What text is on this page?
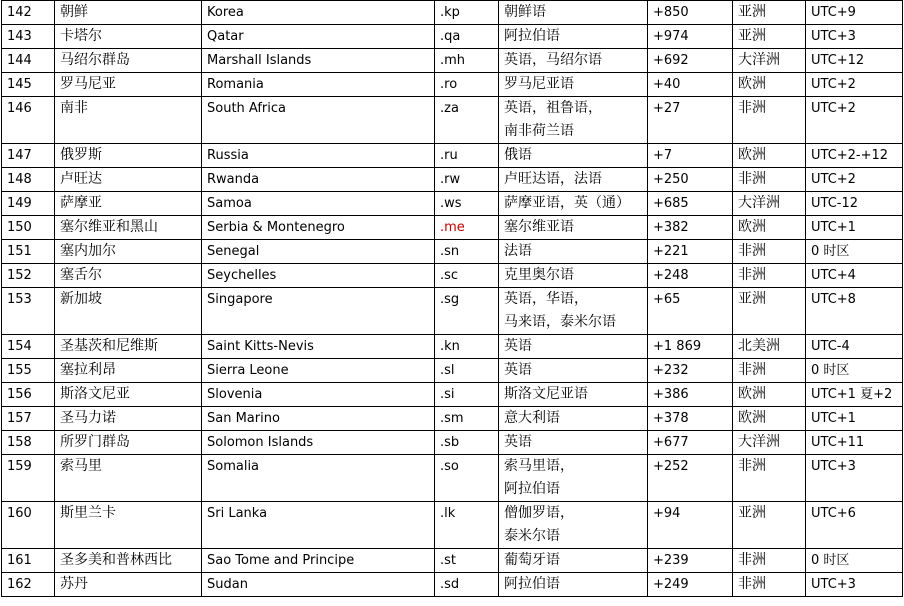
142	朝鲜	Korea	.kp	朝鲜语	+850	亚洲	UTC+9
143	卡塔尔	Qatar	.qa	阿拉伯语	+974	亚洲	UTC+3
144	马绍尔群岛	Marshall Islands	.mh	英语，马绍尔语	+692	大洋洲	UTC+12
145	罗马尼亚	Romania	.ro	罗马尼亚语	+40	欧洲	UTC+2
146	南非	South Africa	.za	英语，祖鲁语，
南非荷兰语	+27	非洲	UTC+2
147	俄罗斯	Russia	.ru	俄语	+7	欧洲	UTC+2-+12
148	卢旺达	Rwanda	.rw	卢旺达语，法语	+250	非洲	UTC+2
149	萨摩亚	Samoa	.ws	萨摩亚语，英（通）	+685	大洋洲	UTC-12
150	塞尔维亚和黑山	Serbia & Montenegro	.me	塞尔维亚语	+382	欧洲	UTC+1
151	塞内加尔	Senegal	.sn	法语	+221	非洲	0 时区
152	塞舌尔	Seychelles	.sc	克里奥尔语	+248	非洲	UTC+4
153	新加坡	Singapore	.sg	英语，华语，
马来语，泰米尔语	+65	亚洲	UTC+8
154	圣基茨和尼维斯	Saint Kitts-Nevis	.kn	英语	+1 869	北美洲	UTC-4
155	塞拉利昂	Sierra Leone	.sl	英语	+232	非洲	0 时区
156	斯洛文尼亚	Slovenia	.si	斯洛文尼亚语	+386	欧洲	UTC+1 夏+2
157	圣马力诺	San Marino	.sm	意大利语	+378	欧洲	UTC+1
158	所罗门群岛	Solomon Islands	.sb	英语	+677	大洋洲	UTC+11
159	索马里	Somalia	.so	索马里语，
阿拉伯语	+252	非洲	UTC+3
160	斯里兰卡	Sri Lanka	.lk	僧伽罗语，
泰米尔语	+94	亚洲	UTC+6
161	圣多美和普林西比	Sao Tome and Principe	.st	葡萄牙语	+239	非洲	0 时区
162	苏丹	Sudan	.sd	阿拉伯语	+249	非洲	UTC+3
